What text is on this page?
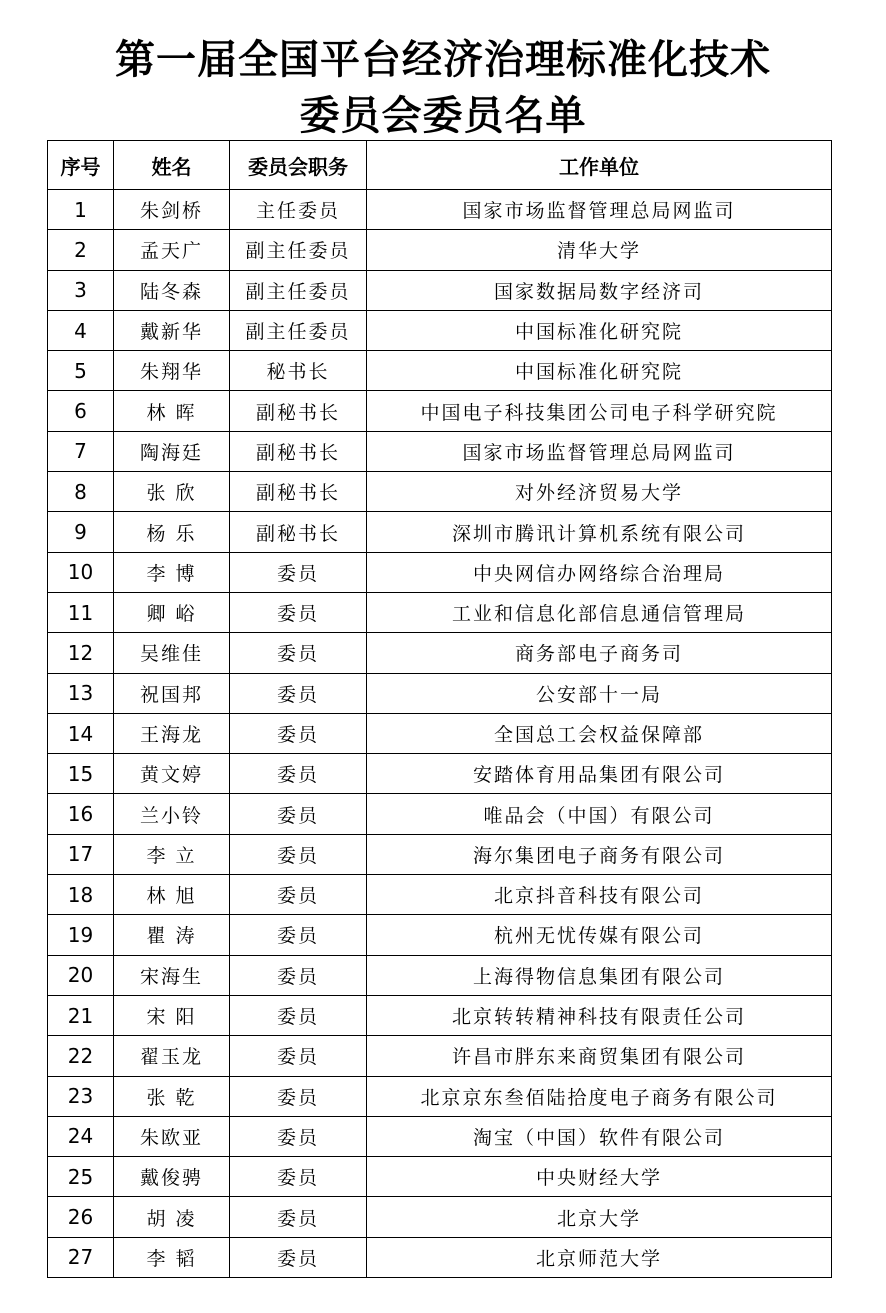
第一届全国平台经济治理标准化技术
委员会委员名单
序号	姓名	委员会职务	工作单位
1	朱剑桥	主任委员	国家市场监督管理总局网监司
2	孟天广	副主任委员	清华大学
3	陆冬森	副主任委员	国家数据局数字经济司
4	戴新华	副主任委员	中国标准化研究院
5	朱翔华	秘书长	中国标准化研究院
6	林 晖	副秘书长	中国电子科技集团公司电子科学研究院
7	陶海廷	副秘书长	国家市场监督管理总局网监司
8	张 欣	副秘书长	对外经济贸易大学
9	杨 乐	副秘书长	深圳市腾讯计算机系统有限公司
10	李 博	委员	中央网信办网络综合治理局
11	卿 峪	委员	工业和信息化部信息通信管理局
12	吴维佳	委员	商务部电子商务司
13	祝国邦	委员	公安部十一局
14	王海龙	委员	全国总工会权益保障部
15	黄文婷	委员	安踏体育用品集团有限公司
16	兰小铃	委员	唯品会（中国）有限公司
17	李 立	委员	海尔集团电子商务有限公司
18	林 旭	委员	北京抖音科技有限公司
19	瞿 涛	委员	杭州无忧传媒有限公司
20	宋海生	委员	上海得物信息集团有限公司
21	宋 阳	委员	北京转转精神科技有限责任公司
22	翟玉龙	委员	许昌市胖东来商贸集团有限公司
23	张 乾	委员	北京京东叁佰陆拾度电子商务有限公司
24	朱欧亚	委员	淘宝（中国）软件有限公司
25	戴俊骋	委员	中央财经大学
26	胡 凌	委员	北京大学
27	李 韬	委员	北京师范大学
